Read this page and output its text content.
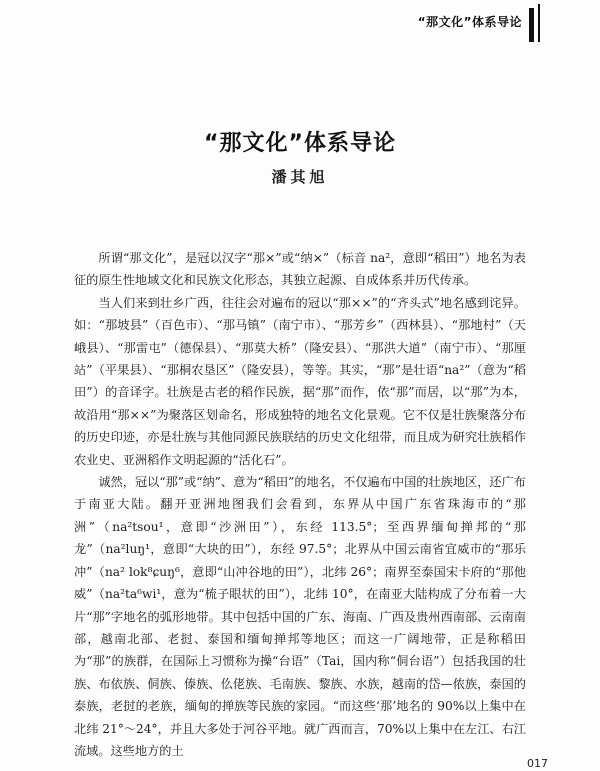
“那文化”体系导论
“那文化”体系导论
潘其旭

所谓“那文化”，是冠以汉字“那×”或“纳×”（标音 na²，意即“稻田”）地名为表征的原生性地域文化和民族文化形态，其独立起源、自成体系并历代传承。

当人们来到壮乡广西，往往会对遍布的冠以“那××”的“齐头式”地名感到诧异。如：“那坡县”（百色市）、“那马镇”（南宁市）、“那芳乡”（西林县）、“那地村”（天峨县）、“那雷屯”（德保县）、“那莫大桥”（隆安县）、“那洪大道”（南宁市）、“那厘站”（平果县）、“那桐农垦区”（隆安县），等等。其实，“那”是壮语“na²”（意为“稻田”）的音译字。壮族是古老的稻作民族，据“那”而作，依“那”而居，以“那”为本，故沿用“那××”为聚落区划命名，形成独特的地名文化景观。它不仅是壮族聚落分布的历史印迹，亦是壮族与其他同源民族联结的历史文化纽带，而且成为研究壮族稻作农业史、亚洲稻作文明起源的“活化石”。

诚然，冠以“那”或“纳”、意为“稻田”的地名，不仅遍布中国的壮族地区，还广布于南亚大陆。翻开亚洲地图我们会看到，东界从中国广东省珠海市的“那洲”（na²tsou¹，意即“沙洲田”），东经 113.5°；至西界缅甸掸邦的“那龙”（na²luŋ¹，意即“大块的田”），东经 97.5°；北界从中国云南省宜威市的“那乐冲”（na² lok⁸ɕuŋ⁶，意即“山冲谷地的田”），北纬 26°；南界至泰国宋卡府的“那他威”（na²ta⁶wi¹，意为“梳子眼状的田”），北纬 10°，在南亚大陆构成了分布着一大片“那”字地名的弧形地带。其中包括中国的广东、海南、广西及贵州西南部、云南南部，越南北部、老挝、泰国和缅甸掸邦等地区；而这一广阔地带，正是称稻田为“那”的族群，在国际上习惯称为操“台语”（Tai，国内称“侗台语”）包括我国的壮族、布依族、侗族、傣族、仫佬族、毛南族、黎族、水族，越南的岱—侬族，泰国的泰族，老挝的老族，缅甸的掸族等民族的家园。“而这些‘那’地名的 90%以上集中在北纬 21°～24°，并且大多处于河谷平地。就广西而言，70%以上集中在左江、右江流域。这些地方的土

017
